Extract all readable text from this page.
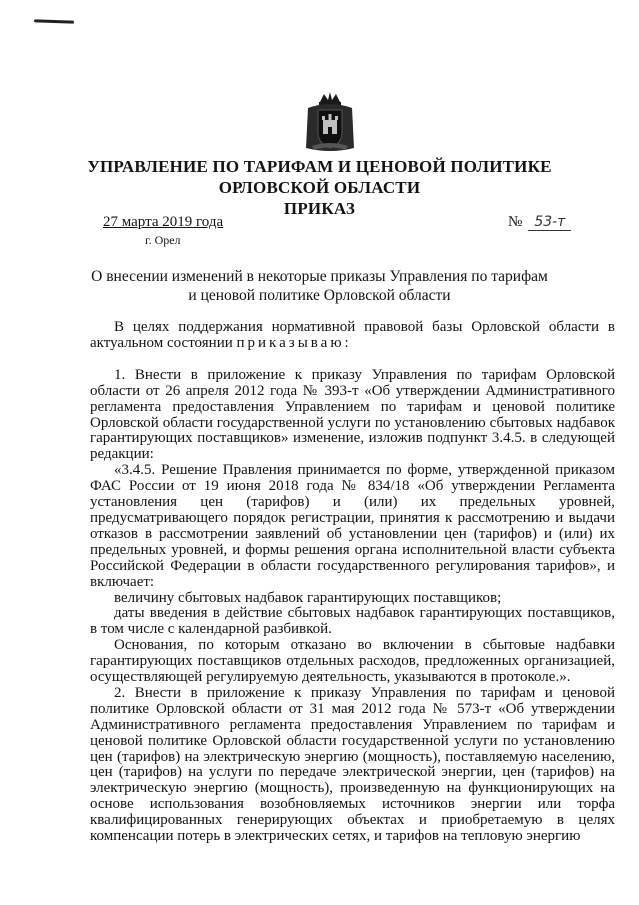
УПРАВЛЕНИЕ ПО ТАРИФАМ И ЦЕНОВОЙ ПОЛИТИКЕ
ОРЛОВСКОЙ ОБЛАСТИ
ПРИКАЗ
27 марта 2019 года
г. Орел
№ 53-т
О внесении изменений в некоторые приказы Управления по тарифам
и ценовой политике Орловской области

В целях поддержания нормативной правовой базы Орловской области в актуальном состоянии приказываю:

1. Внести в приложение к приказу Управления по тарифам Орловской области от 26 апреля 2012 года № 393-т «Об утверждении Административного регламента предоставления Управлением по тарифам и ценовой политике Орловской области государственной услуги по установлению сбытовых надбавок гарантирующих поставщиков» изменение, изложив подпункт 3.4.5. в следующей редакции:

«3.4.5. Решение Правления принимается по форме, утвержденной приказом ФАС России от 19 июня 2018 года № 834/18 «Об утверждении Регламента установления цен (тарифов) и (или) их предельных уровней, предусматривающего порядок регистрации, принятия к рассмотрению и выдачи отказов в рассмотрении заявлений об установлении цен (тарифов) и (или) их предельных уровней, и формы решения органа исполнительной власти субъекта Российской Федерации в области государственного регулирования тарифов», и включает:

величину сбытовых надбавок гарантирующих поставщиков;

даты введения в действие сбытовых надбавок гарантирующих поставщиков, в том числе с календарной разбивкой.

Основания, по которым отказано во включении в сбытовые надбавки гарантирующих поставщиков отдельных расходов, предложенных организацией, осуществляющей регулируемую деятельность, указываются в протоколе.».

2. Внести в приложение к приказу Управления по тарифам и ценовой политике Орловской области от 31 мая 2012 года № 573-т «Об утверждении Административного регламента предоставления Управлением по тарифам и ценовой политике Орловской области государственной услуги по установлению цен (тарифов) на электрическую энергию (мощность), поставляемую населению, цен (тарифов) на услуги по передаче электрической энергии, цен (тарифов) на электрическую энергию (мощность), произведенную на функционирующих на основе использования возобновляемых источников энергии или торфа квалифицированных генерирующих объектах и приобретаемую в целях компенсации потерь в электрических сетях, и тарифов на тепловую энергию
